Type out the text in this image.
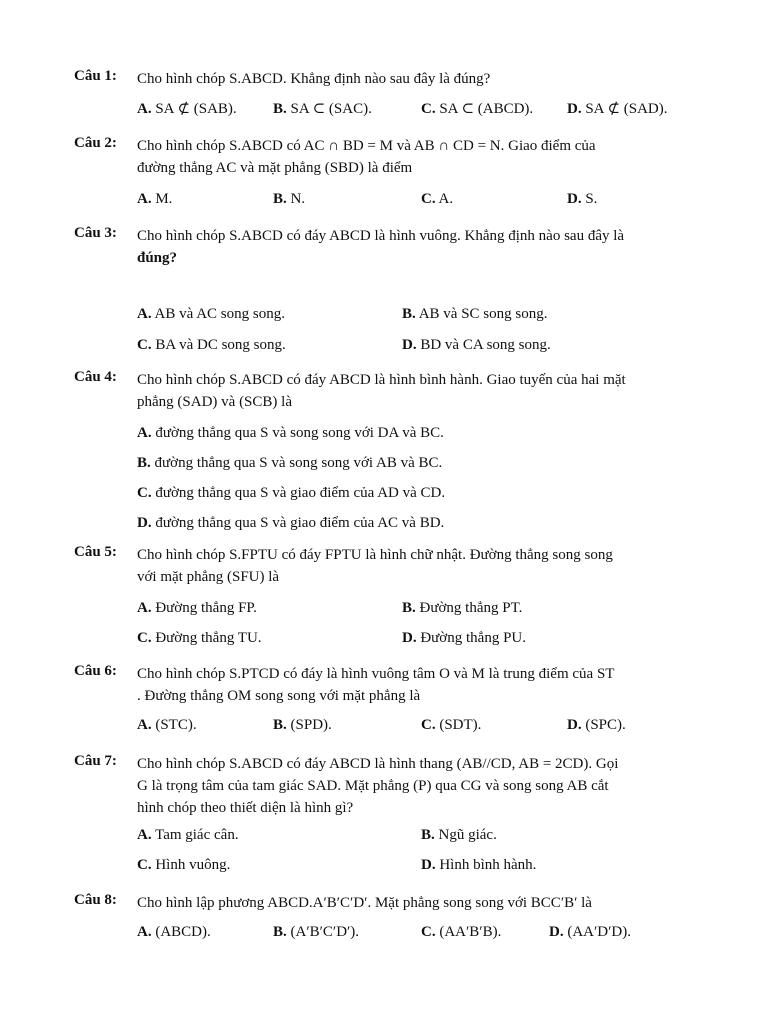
Câu 1: Cho hình chóp S.ABCD. Khẳng định nào sau đây là đúng?
A. SA ⊄ (SAB). B. SA ⊂ (SAC).	C. SA ⊂ (ABCD). D. SA ⊄ (SAD).
Câu 2: Cho hình chóp S.ABCD có AC ∩ BD = M và AB ∩ CD = N. Giao điểm của
đường thẳng AC và mặt phẳng (SBD) là điểm
A. M.	B. N.	C. A.	D. S.
Câu 3: Cho hình chóp S.ABCD có đáy ABCD là hình vuông. Khẳng định nào sau đây là
đúng?
A. AB và AC song song.	B. AB và SC song song.
C. BA và DC song song.	D. BD và CA song song.
Câu 4: Cho hình chóp S.ABCD có đáy ABCD là hình bình hành. Giao tuyến của hai mặt
phẳng (SAD) và (SCB) là
A. đường thẳng qua S và song song với DA và BC.
B. đường thẳng qua S và song song với AB và BC.
C. đường thẳng qua S và giao điểm của AD và CD.
D. đường thẳng qua S và giao điểm của AC và BD.
Câu 5: Cho hình chóp S.FPTU có đáy FPTU là hình chữ nhật. Đường thẳng song song
với mặt phẳng (SFU) là
A. Đường thẳng FP.	B. Đường thẳng PT.
C. Đường thẳng TU.	D. Đường thẳng PU.
Câu 6: Cho hình chóp S.PTCD có đáy là hình vuông tâm O và M là trung điểm của ST
. Đường thẳng OM song song với mặt phẳng là
A. (STC).	B. (SPD).	C. (SDT).	D. (SPC).
Câu 7: Cho hình chóp S.ABCD có đáy ABCD là hình thang (AB//CD, AB = 2CD). Gọi
G là trọng tâm của tam giác SAD. Mặt phẳng (P) qua CG và song song AB cắt
hình chóp theo thiết diện là hình gì?
A. Tam giác cân.	B. Ngũ giác.
C. Hình vuông.	D. Hình bình hành.
Câu 8: Cho hình lập phương ABCD.A′B′C′D′. Mặt phẳng song song với BCC′B′ là
A. (ABCD).	B. (A′B′C′D′).	C. (AA′B′B).	D. (AA′D′D).
